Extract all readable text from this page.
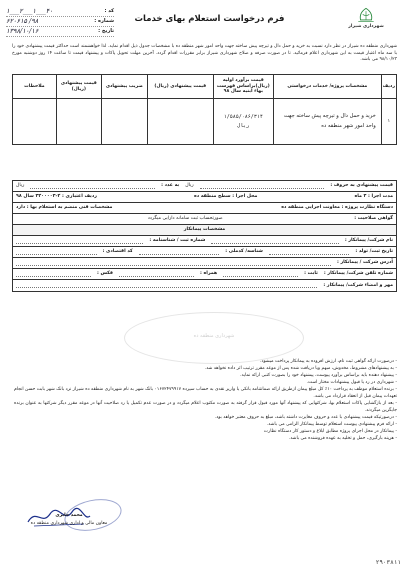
شهرداری شیراز
فرم درخواست استعلام بهای خدمات
کد :
۴۰___۱___۲___۱
شماره :
۹۸/ ۶۲۰۶۱۵
تاریخ :
۱۳۹۸/۱۰/۱۶
شهرداری منطقه ده شیراز در نظر دارد نسبت به خرید و حمل دال و تیرچه پیش ساخته جهت واحد امور شهر منطقه ده با مشخصات جدول ذیل اقدام نماید. لذا خواهشمند است حداکثر قیمت پیشنهادی خود را با سه ماه اعتبار قیمت به این شهرداری اعلام فرمائید. تا در صورت صرفه و صلاح شهرداری شیراز برابر مقررات اقدام گردد. آخرین مهلت تحویل پاکات و پیشنهاد قیمت تا ساعت ۱۴ روز دوشنبه مورخ ۹۸/۱۰/۲۳ می باشد.
ردیف	مشخصات پروژه/ خدمات درخواستی	قیمت برآورد اولیه (ریال)براساس فهرست بهاء ابنیه سال ۹۸	قیمت پیشنهادی (ریال)	ضریب پیشنهادی	قیمت پیشنهادی (ریال)	ملاحظات
۱	خرید و حمل دال و تیرچه پیش ساخته جهت واحد امور شهر منطقه ده	۱/۵۸۵/۰۸۶/۳۱۴
ریال				

قیمت پیشنهادی به حروف :
ریال
به عدد :
ریال
مدت اجرا : ۳ ماه
محل اجرا : سطح منطقه ده
ردیف اعتباری : ۲-۳۲۰۰۰۰۳ سال ۹۸
دستگاه نظارت پروژه : معاونت اجرایی منطقه ده
مشخصات فنی منضم به استعلام بها : دارد
گواهی صلاحیت :
صورتحساب ثبت سامانه دارایی میگردد
مشخصات پیمانکار
نام شرکت/ پیمانکار :
شماره ثبت / شناسنامه :
تاریخ ثبت/ تولد :
شناسه/ کدملی :
کد اقتصادی :
آدرس شرکت / پیمانکار :
شماره تلفن شرکت/ پیمانکار :
ثابت :
همراه :
فکس :
مهر و امضاء شرکت/ پیمانکار :
شهرداری منطقه ده
- درصورت ارائه گواهی ثبت نام، ارزش افزوده به پیمانکار پرداخت میشود.
- به پیشنهادهای مشروط، مخدوش، مبهم ویا دریافت شده پس از موعد مقرر ترتیب اثر داده نخواهد شد.
- پیشنهاد دهنده باید براساس برآورد پیوست، پیشنهاد خود را بصورت کتبی ارائه نماید.
- شهرداری در رد یا قبول پیشنهادات مختار است.
- برنده استعلام موظف به پرداخت ۱۰٪ کل مبلغ پیمان ازطریق ارائه ضمانتنامه بانکی یا واریز نقدی به حساب سپرده ۰۱۶۷۲۴۷۹۹۱۷ بانک شهر به نام شهرداری منطقه ده شیراز نزد بانک شهر بابت حسن انجام تعهدات پیمان قبل از انعقاد قرارداد می باشد.
- بعد از بازگشایی پاکات استعلام بها، شرکتهایی که پیشنهاد آنها مورد قبول قرار گرفته به صورت مکتوب اعلام میگردد و در صورت عدم تکمیل یا رد صلاحیت آنها در موعد مقرر دیگر شرکتها به عنوان برنده جایگزین میگردند.
- درصورتیکه قیمت پیشنهادی با عدد و حروف مغایرت داشته باشد، مبلغ به حروف معتبر خواهد بود.
- ارائه فرم پیشنهادی پیوست استعلام توسط پیمانکار الزامی می باشد.
- پیمانکار در محل اجرای پروژه مطابق ابلاغ و دستور کار دستگاه نظارت
- هزینه بارگیری، حمل و تخلیه به عهده فروشنده می باشد.
محمد جابری
معاون مالی و اداری شهرداری منطقه ده
۲۹۰۳۸۱۱
